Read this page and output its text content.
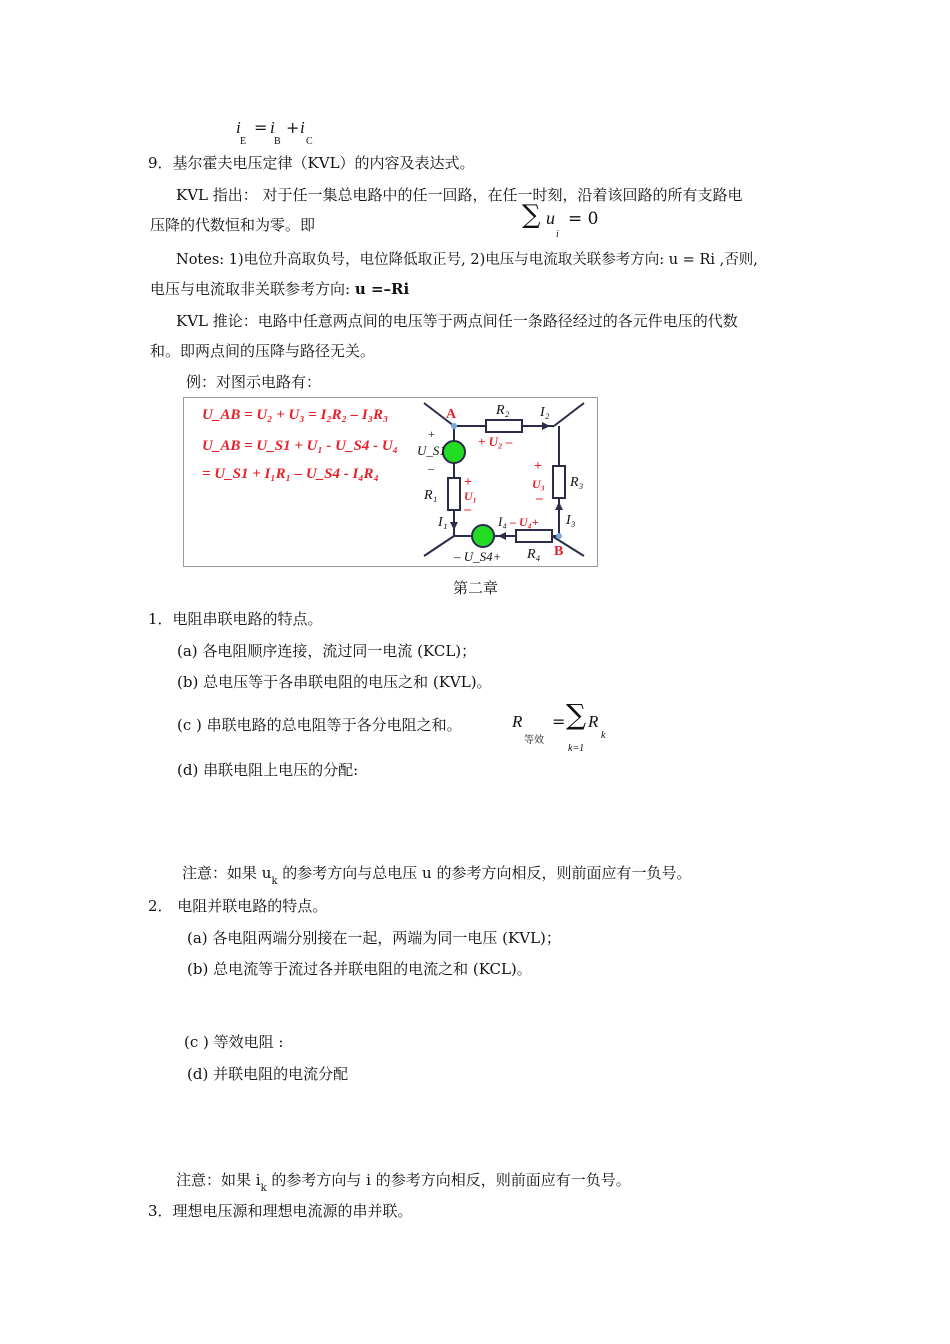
i
E
= i
B
+ i
C
9．基尔霍夫电压定律（KVL）的内容及表达式。
KVL 指出： 对于任一集总电路中的任一回路，在任一时刻，沿着该回路的所有支路电
压降的代数恒和为零。即	∑ u
i
= 0
Notes: 1)电位升高取负号，电位降低取正号, 2)电压与电流取关联参考方向: u = Ri ,否则,
电压与电流取非关联参考方向: u =–Ri
KVL 推论：电路中任意两点间的电压等于两点间任一条路径经过的各元件电压的代数
和。即两点间的压降与路径无关。
例：对图示电路有：
U_AB = U₂ + U₃ = I₂R₂ – I₃R₃
U_AB = U_S1 + U₁ - U_S4 - U₄
= U_S1 + I₁R₁ – U_S4 - I₄R₄
A
B
R₂ I₂
+ U₂ –
U_S1
+
–
R₁
+
U₁
–
I₁
R₃
+
U₃
–
I₃
I₄ – U₄+
R₄
– U_S4+
第二章
1．电阻串联电路的特点。
(a) 各电阻顺序连接，流过同一电流 (KCL)；
(b) 总电压等于各串联电阻的电压之和 (KVL)。
(c ) 串联电路的总电阻等于各分电阻之和。	R
等效
= ∑ R
k
k=1
(d) 串联电阻上电压的分配:
注意：如果 $u_k$ 的参考方向与总电压 u 的参考方向相反，则前面应有一负号。
2． 电阻并联电路的特点。
(a) 各电阻两端分别接在一起，两端为同一电压 (KVL)；
(b) 总电流等于流过各并联电阻的电流之和 (KCL)。
(c ) 等效电阻 :
(d) 并联电阻的电流分配
注意：如果 $i_k$ 的参考方向与 i 的参考方向相反，则前面应有一负号。
3．理想电压源和理想电流源的串并联。
